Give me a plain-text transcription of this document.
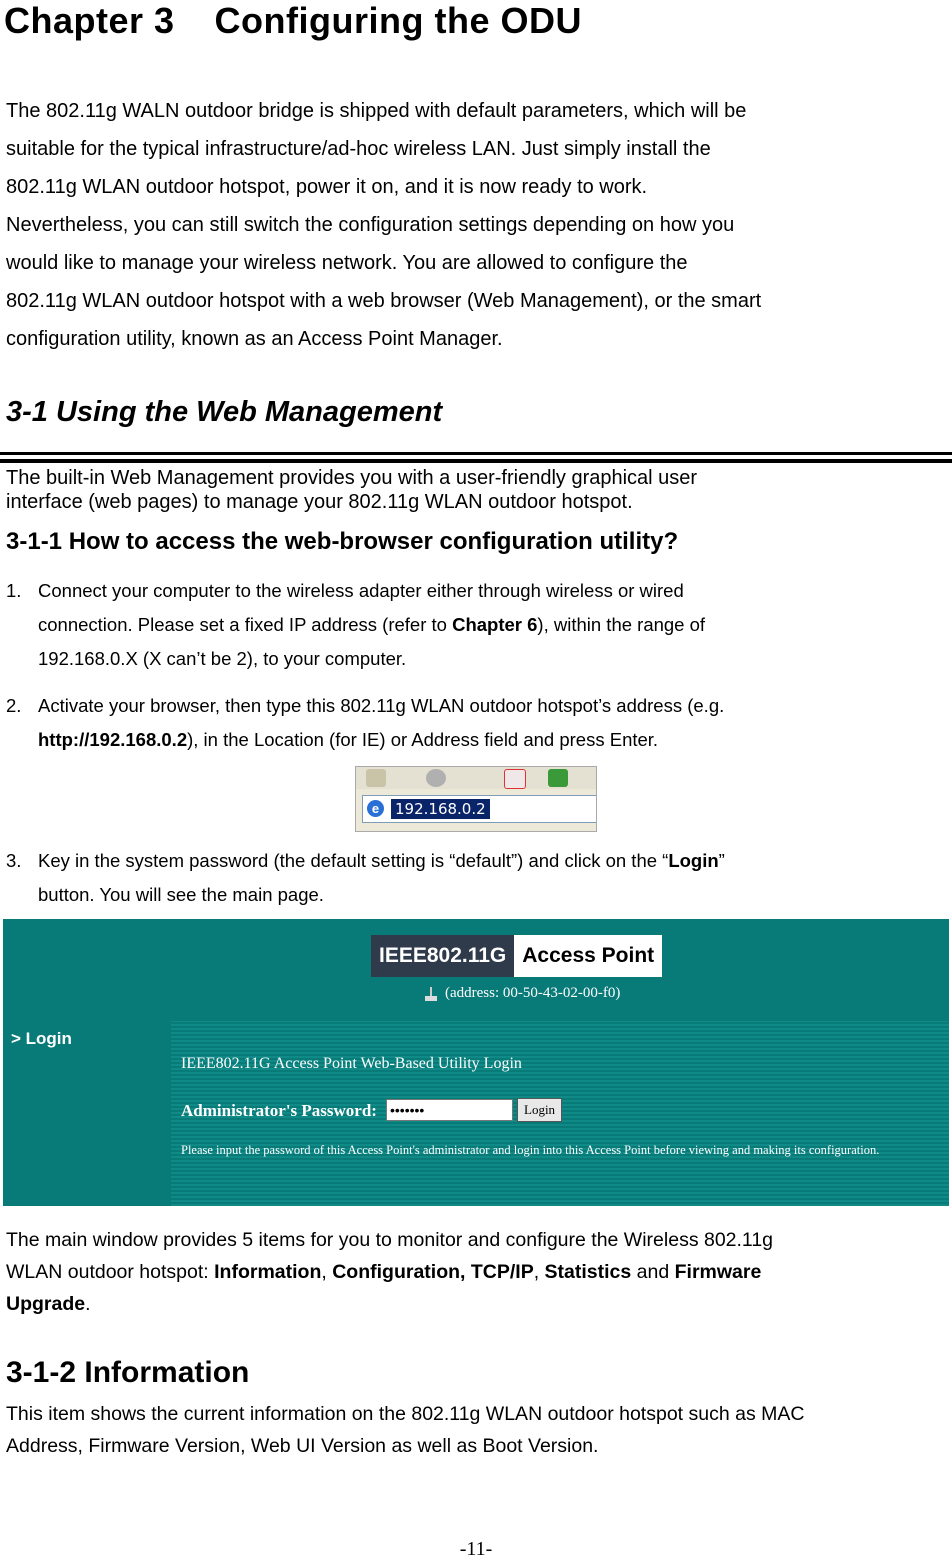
Chapter 3 Configuring the ODU

The 802.11g WALN outdoor bridge is shipped with default parameters, which will be

suitable for the typical infrastructure/ad-hoc wireless LAN. Just simply install the

802.11g WLAN outdoor hotspot, power it on, and it is now ready to work.

Nevertheless, you can still switch the configuration settings depending on how you

would like to manage your wireless network. You are allowed to configure the

802.11g WLAN outdoor hotspot with a web browser (Web Management), or the smart

configuration utility, known as an Access Point Manager.

3-1 Using the Web Management

The built-in Web Management provides you with a user-friendly graphical user

interface (web pages) to manage your 802.11g WLAN outdoor hotspot.

3-1-1 How to access the web-browser configuration utility?
1. Connect your computer to the wireless adapter either through wireless or wired
connection. Please set a fixed IP address (refer to Chapter 6), within the range of
192.168.0.X (X can’t be 2), to your computer.
2. Activate your browser, then type this 802.11g WLAN outdoor hotspot’s address (e.g.
http://192.168.0.2), in the Location (for IE) or Address field and press Enter.
e	192.168.0.2
3. Key in the system password (the default setting is “default”) and click on the “Login”
button. You will see the main page.
IEEE802.11G Access Point
(address: 00-50-43-02-00-f0)
> Login
IEEE802.11G Access Point Web-Based Utility Login
Administrator's Password: •••••••	Login
Please input the password of this Access Point's administrator and login into this Access Point before viewing and making its configuration.

The main window provides 5 items for you to monitor and configure the Wireless 802.11g

WLAN outdoor hotspot: Information, Configuration, TCP/IP, Statistics and Firmware

Upgrade.

3-1-2 Information

This item shows the current information on the 802.11g WLAN outdoor hotspot such as MAC

Address, Firmware Version, Web UI Version as well as Boot Version.

-11-
